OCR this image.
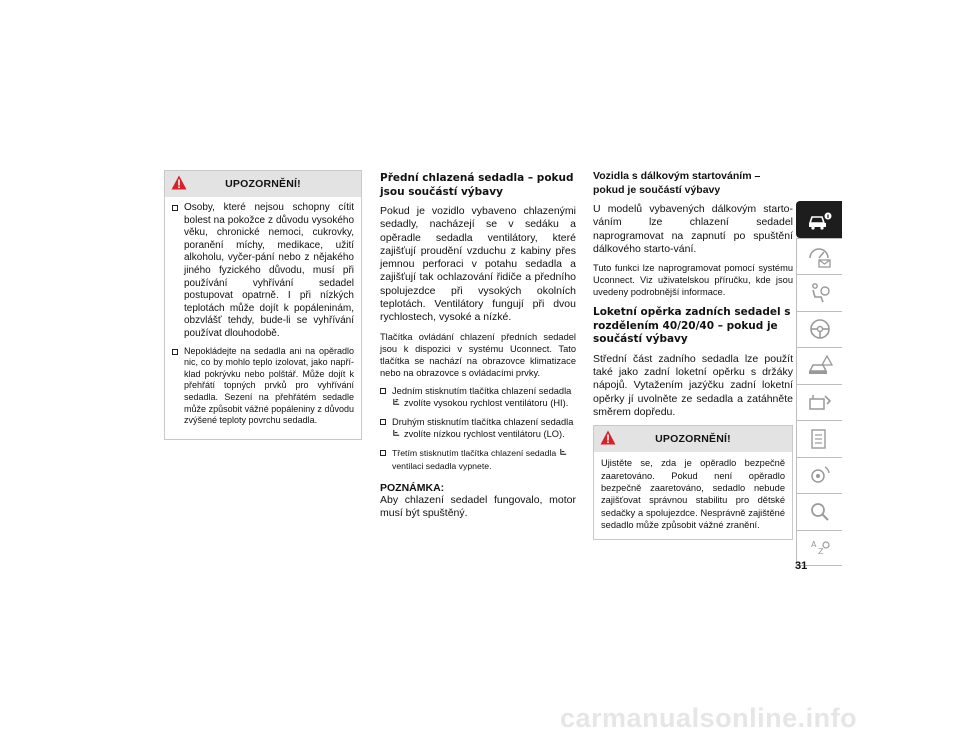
UPOZORNĚNÍ!
Osoby, které nejsou schopny cítit bolest na pokožce z důvodu vysokého věku, chronické nemoci, cukrovky, poranění míchy, medikace, užití alkoholu, vyčer-pání nebo z nějakého jiného fyzického důvodu, musí při používání vyhřívání sedadel postupovat opatrně. I při nízkých teplotách může dojít k popáleninám, obzvlášť tehdy, bude-li se vyhřívání používat dlouhodobě.
Nepokládejte na sedadla ani na opěradlo nic, co by mohlo teplo izolovat, jako napří-klad pokrývku nebo polštář. Může dojít k přehřátí topných prvků pro vyhřívání sedadla. Sezení na přehřátém sedadle může způsobit vážné popáleniny z důvodu zvýšené teploty povrchu sedadla.
Přední chlazená sedadla – pokud jsou součástí výbavy

Pokud je vozidlo vybaveno chlazenými sedadly, nacházejí se v sedáku a opěradle sedadla ventilátory, které zajišťují proudění vzduchu z kabiny přes jemnou perforaci v potahu sedadla a zajišťují tak ochlazování řidiče a předního spolujezdce při vysokých okolních teplotách. Ventilátory fungují při dvou rychlostech, vysoké a nízké.

Tlačítka ovládání chlazení předních sedadel jsou k dispozici v systému Uconnect. Tato tlačítka se nachází na obrazovce klimatizace nebo na obrazovce s ovládacími prvky.

Jedním stisknutím tlačítka chlazení sedadla
zvolíte vysokou rychlost ventilátoru (HI).
Druhým stisknutím tlačítka chlazení sedadla
zvolíte nízkou rychlost ventilátoru (LO).
Třetím stisknutím tlačítka chlazení sedadla
ventilaci sedadla vypnete.

POZNÁMKA:

Aby chlazení sedadel fungovalo, motor musí být spuštěný.

Vozidla s dálkovým startováním – pokud je součástí výbavy

U modelů vybavených dálkovým starto-váním lze chlazení sedadel naprogramovat na zapnutí po spuštění dálkového starto-vání.

Tuto funkci lze naprogramovat pomocí systému Uconnect. Viz uživatelskou příručku, kde jsou uvedeny podrobnější informace.

Loketní opěrka zadních sedadel s rozdělením 40/20/40 – pokud je součástí výbavy

Střední část zadního sedadla lze použít také jako zadní loketní opěrku s držáky nápojů. Vytažením jazýčku zadní loketní opěrky jí uvolněte ze sedadla a zatáhněte směrem dopředu.

UPOZORNĚNÍ!

Ujistěte se, zda je opěradlo bezpečně zaaretováno. Pokud není opěradlo bezpečně zaaretováno, sedadlo nebude zajišťovat správnou stabilitu pro dětské sedačky a spolujezdce. Nesprávně zajištěné sedadlo může způsobit vážné zranění.

A
Z
31
carmanualsonline.info
